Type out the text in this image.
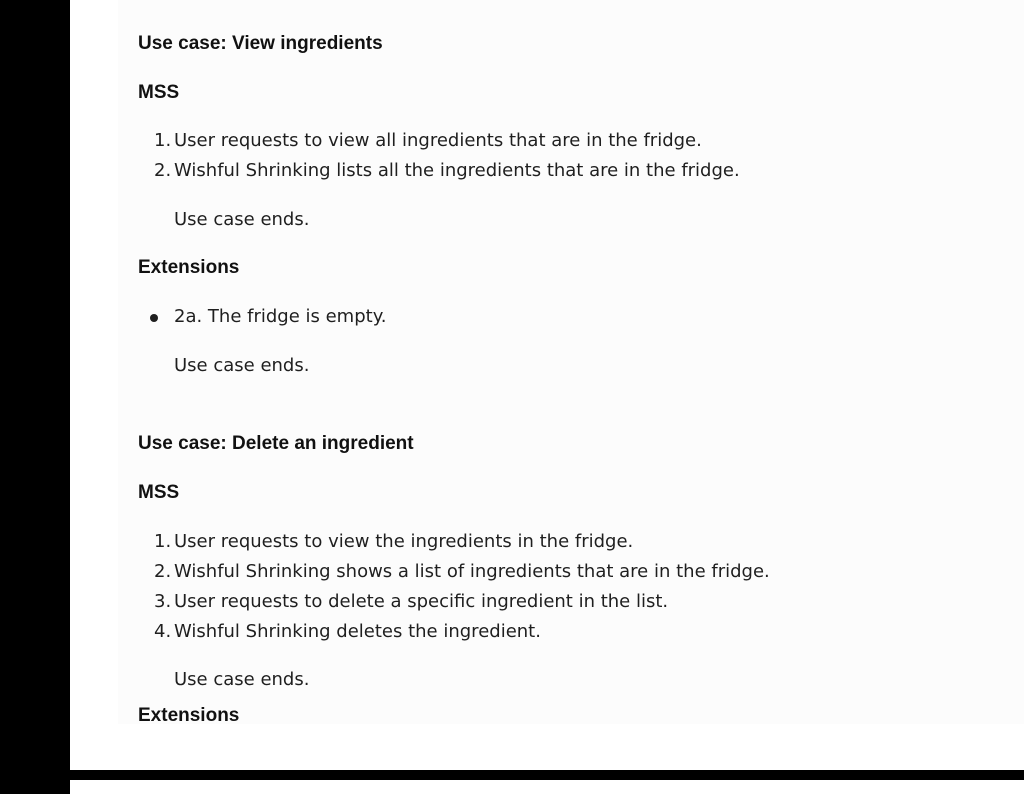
Use case: View ingredients
MSS
1. User requests to view all ingredients that are in the fridge.
2. Wishful Shrinking lists all the ingredients that are in the fridge.
Use case ends.
Extensions
2a. The fridge is empty.
Use case ends.
Use case: Delete an ingredient
MSS
1. User requests to view the ingredients in the fridge.
2. Wishful Shrinking shows a list of ingredients that are in the fridge.
3. User requests to delete a specific ingredient in the list.
4. Wishful Shrinking deletes the ingredient.
Use case ends.
Extensions
